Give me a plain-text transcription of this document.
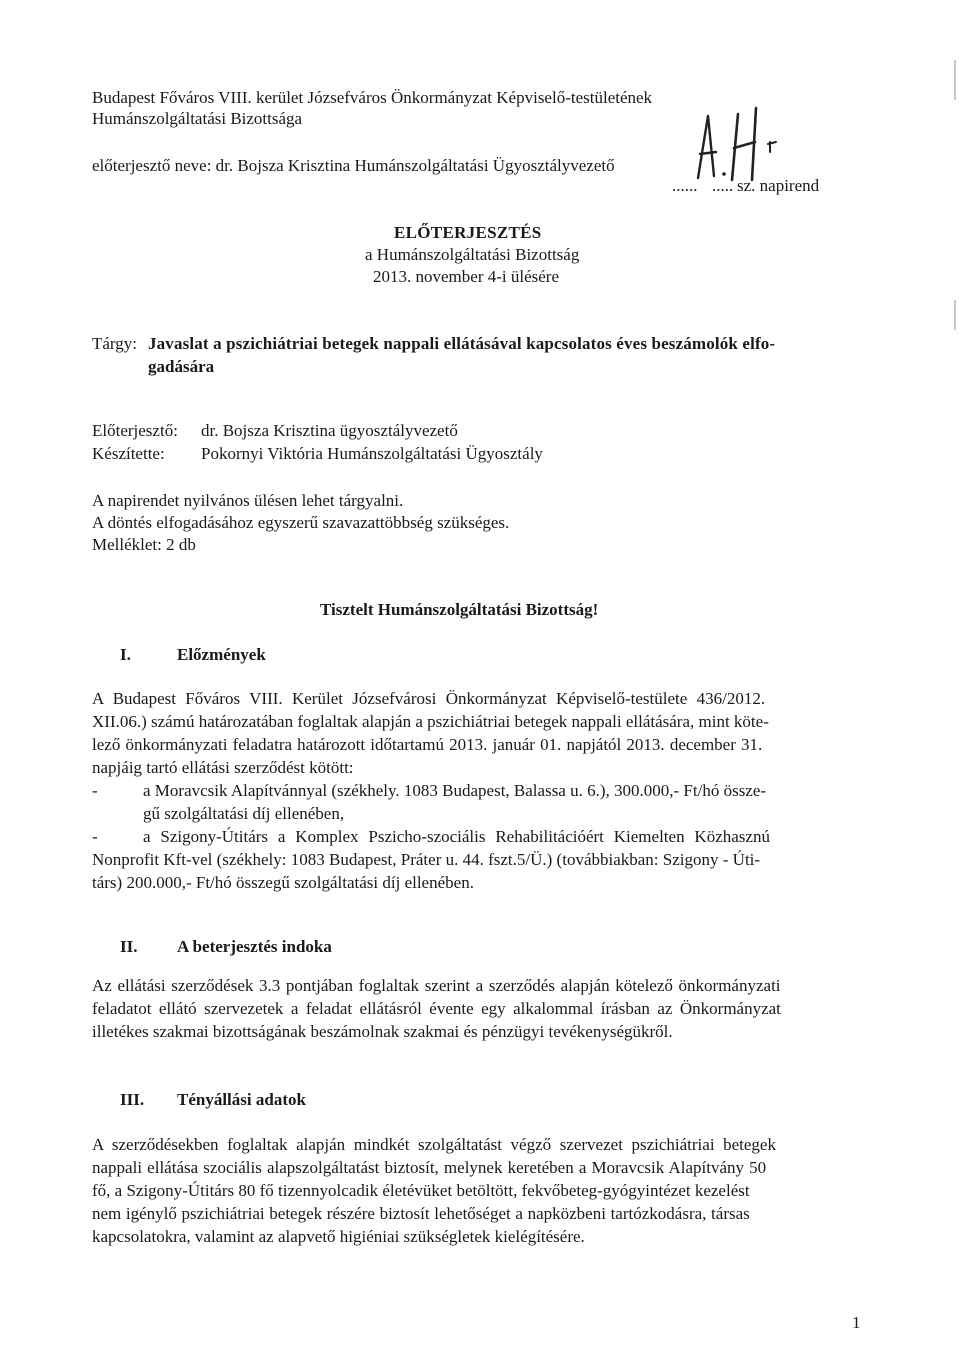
Budapest Főváros VIII. kerület Józsefváros Önkormányzat Képviselő-testületének
Humánszolgáltatási Bizottsága
előterjesztő neve: dr. Bojsza Krisztina Humánszolgáltatási Ügyosztályvezető
...... ..... sz. napirend
ELŐTERJESZTÉS
a Humánszolgáltatási Bizottság
2013. november 4-i ülésére
Tárgy: Javaslat a pszichiátriai betegek nappali ellátásával kapcsolatos éves beszámolók elfo-
gadására
Előterjesztő: dr. Bojsza Krisztina ügyosztályvezető
Készítette: Pokornyi Viktória Humánszolgáltatási Ügyosztály
A napirendet nyilvános ülésen lehet tárgyalni.
A döntés elfogadásához egyszerű szavazattöbbség szükséges.
Melléklet: 2 db
Tisztelt Humánszolgáltatási Bizottság!
I.	Előzmények
A Budapest Főváros VIII. Kerület Józsefvárosi Önkormányzat Képviselő-testülete 436/2012.
XII.06.) számú határozatában foglaltak alapján a pszichiátriai betegek nappali ellátására, mint köte-
lező önkormányzati feladatra határozott időtartamú 2013. január 01. napjától 2013. december 31.
napjáig tartó ellátási szerződést kötött:
-	a Moravcsik Alapítvánnyal (székhely. 1083 Budapest, Balassa u. 6.), 300.000,- Ft/hó össze-
gű szolgáltatási díj ellenében,
-	a Szigony-Útitárs a Komplex Pszicho-szociális Rehabilitációért Kiemelten Közhasznú
Nonprofit Kft-vel (székhely: 1083 Budapest, Práter u. 44. fszt.5/Ü.) (továbbiakban: Szigony - Úti-
társ) 200.000,- Ft/hó összegű szolgáltatási díj ellenében.
II. A beterjesztés indoka
Az ellátási szerződések 3.3 pontjában foglaltak szerint a szerződés alapján kötelező önkormányzati
feladatot ellátó szervezetek a feladat ellátásról évente egy alkalommal írásban az Önkormányzat
illetékes szakmai bizottságának beszámolnak szakmai és pénzügyi tevékenységükről.
III. Tényállási adatok
A szerződésekben foglaltak alapján mindkét szolgáltatást végző szervezet pszichiátriai betegek
nappali ellátása szociális alapszolgáltatást biztosít, melynek keretében a Moravcsik Alapítvány 50
fő, a Szigony-Útitárs 80 fő tizennyolcadik életévüket betöltött, fekvőbeteg-gyógyintézet kezelést
nem igénylő pszichiátriai betegek részére biztosít lehetőséget a napközbeni tartózkodásra, társas
kapcsolatokra, valamint az alapvető higiéniai szükségletek kielégítésére.
1
